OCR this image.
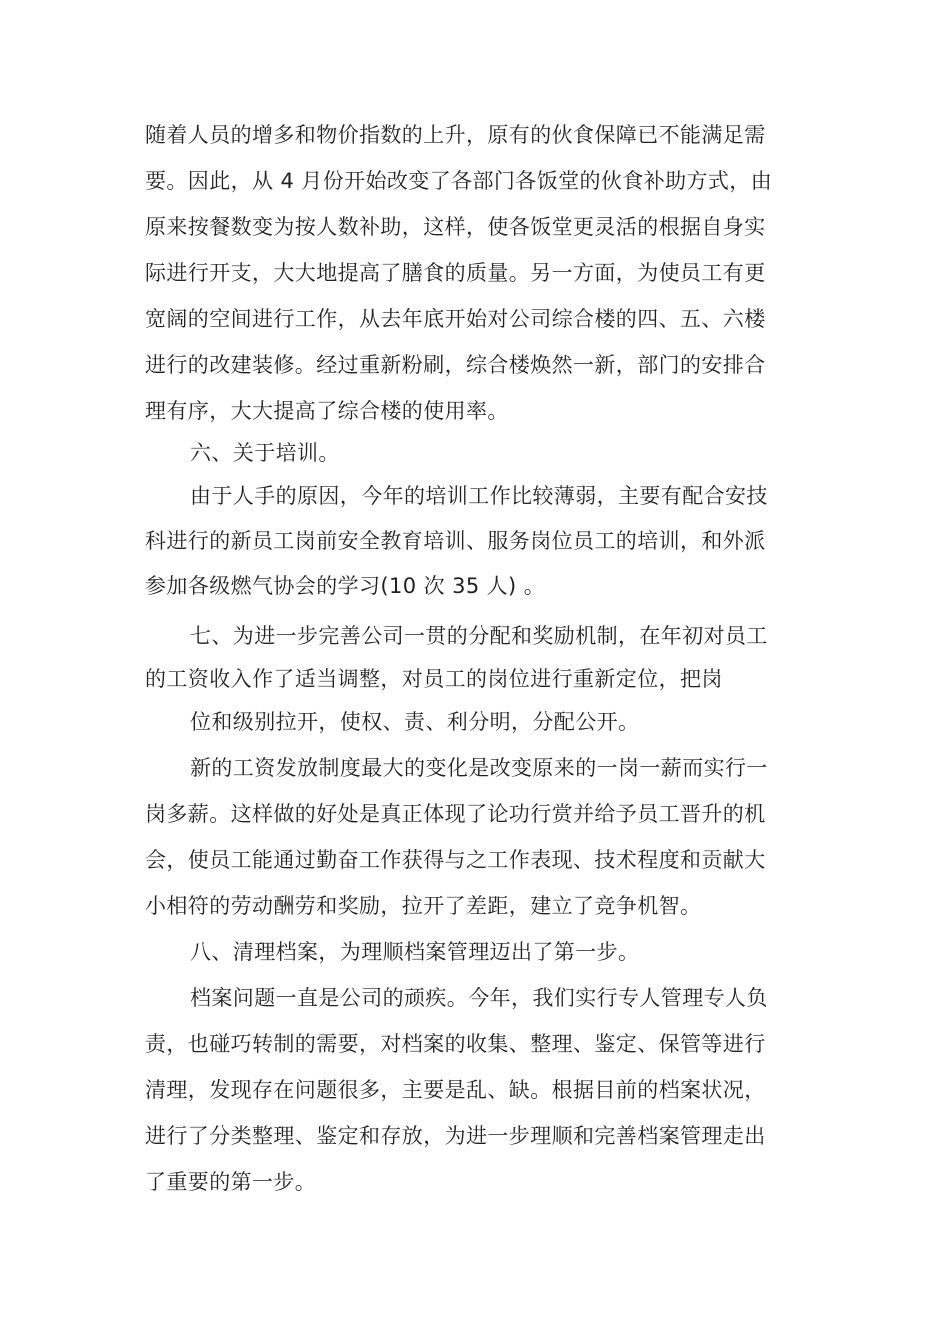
随着人员的增多和物价指数的上升，原有的伙食保障已不能满足需
要。因此，从 4 月份开始改变了各部门各饭堂的伙食补助方式，由
原来按餐数变为按人数补助，这样，使各饭堂更灵活的根据自身实
际进行开支，大大地提高了膳食的质量。另一方面，为使员工有更
宽阔的空间进行工作，从去年底开始对公司综合楼的四、五、六楼
进行的改建装修。经过重新粉刷，综合楼焕然一新，部门的安排合
理有序，大大提高了综合楼的使用率。
六、关于培训。
由于人手的原因，今年的培训工作比较薄弱，主要有配合安技
科进行的新员工岗前安全教育培训、服务岗位员工的培训，和外派
参加各级燃气协会的学习(10 次 35 人) 。
七、为进一步完善公司一贯的分配和奖励机制，在年初对员工
的工资收入作了适当调整，对员工的岗位进行重新定位，把岗
位和级别拉开，使权、责、利分明，分配公开。
新的工资发放制度最大的变化是改变原来的一岗一薪而实行一
岗多薪。这样做的好处是真正体现了论功行赏并给予员工晋升的机
会，使员工能通过勤奋工作获得与之工作表现、技术程度和贡献大
小相符的劳动酬劳和奖励，拉开了差距，建立了竞争机智。
八、清理档案，为理顺档案管理迈出了第一步。
档案问题一直是公司的顽疾。今年，我们实行专人管理专人负
责，也碰巧转制的需要，对档案的收集、整理、鉴定、保管等进行
清理，发现存在问题很多，主要是乱、缺。根据目前的档案状况，
进行了分类整理、鉴定和存放，为进一步理顺和完善档案管理走出
了重要的第一步。
